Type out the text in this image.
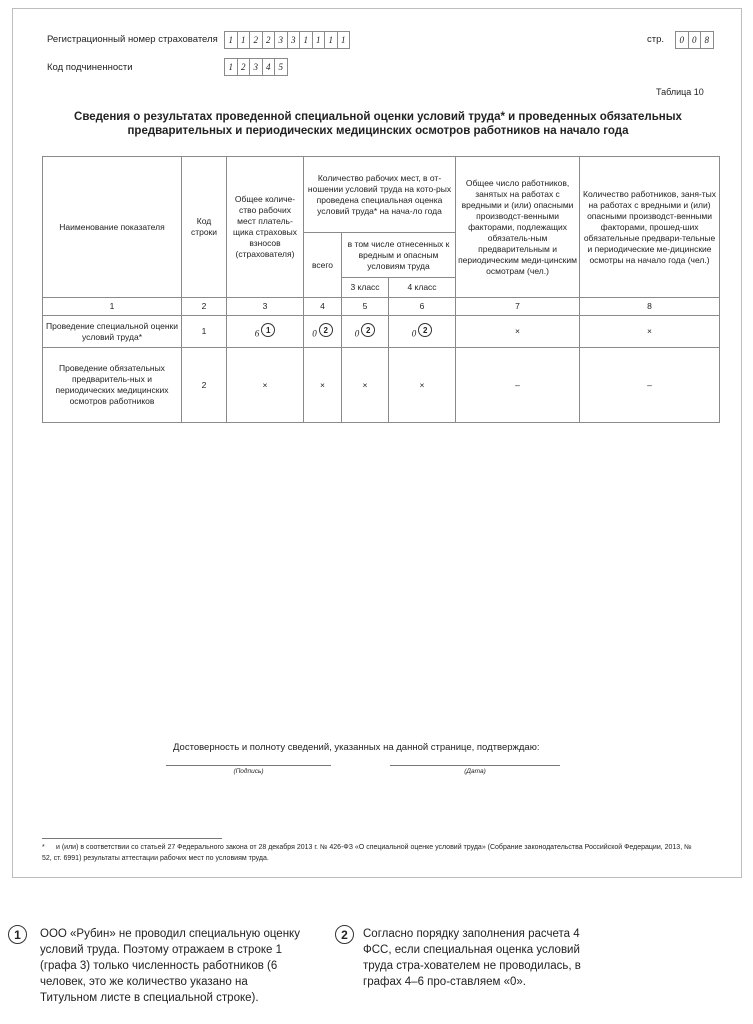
Регистрационный номер страхователя	1 1 2 2 3 3 1 1 1 1
Код подчиненности	1 2 3 4 5
стр.	0 0 8
Таблица 10
Сведения о результатах проведенной специальной оценки условий труда* и проведенных обязательных
предварительных и периодических медицинских осмотров работников на начало года
Наименование показателя	Код строки	Общее количе-ство рабочих мест платель-щика страховых взносов (страхователя)	Количество рабочих мест, в от-ношении условий труда на кото-рых проведена специальная оценка условий труда* на нача-ло года			Общее число работников, занятых на работах с вредными и (или) опасными производст-венными факторами, подлежащих обязатель-ным предварительным и периодическим меди-цинским осмотрам (чел.)	Количество работников, заня-тых на работах с вредными и (или) опасными производст-венными факторами, прошед-ших обязательные предвари-тельные и периодические ме-дицинские осмотры на начало года (чел.)
			всего	в том числе отнесенных к вредным и опасным условиям труда			
				3 класс	4 класс		
1	2	3	4	5	6	7	8
Проведение специальной оценки условий труда*	1	6 1	0 2	0 2	0 2	×	×
Проведение обязательных предваритель-ных и периодических медицинских осмотров работников	2	×	×	×	×	–	–
Достоверность и полноту сведений, указанных на данной странице, подтверждаю:
(Подпись)	(Дата)
* и (или) в соответствии со статьей 27 Федерального закона от 28 декабря 2013 г. № 426-ФЗ «О специальной оценке условий труда» (Собрание законодательства Российской Федерации, 2013, № 52, ст. 6991) результаты аттестации рабочих мест по условиям труда.
1	ООО «Рубин» не проводил специальную оценку условий труда. Поэтому отражаем в строке 1 (графа 3) только численность работников (6 человек, это же количество указано на Титульном листе в специальной строке).
2	Согласно порядку заполнения расчета 4 ФСС, если специальная оценка условий труда стра-хователем не проводилась, в графах 4–6 про-ставляем «0».
